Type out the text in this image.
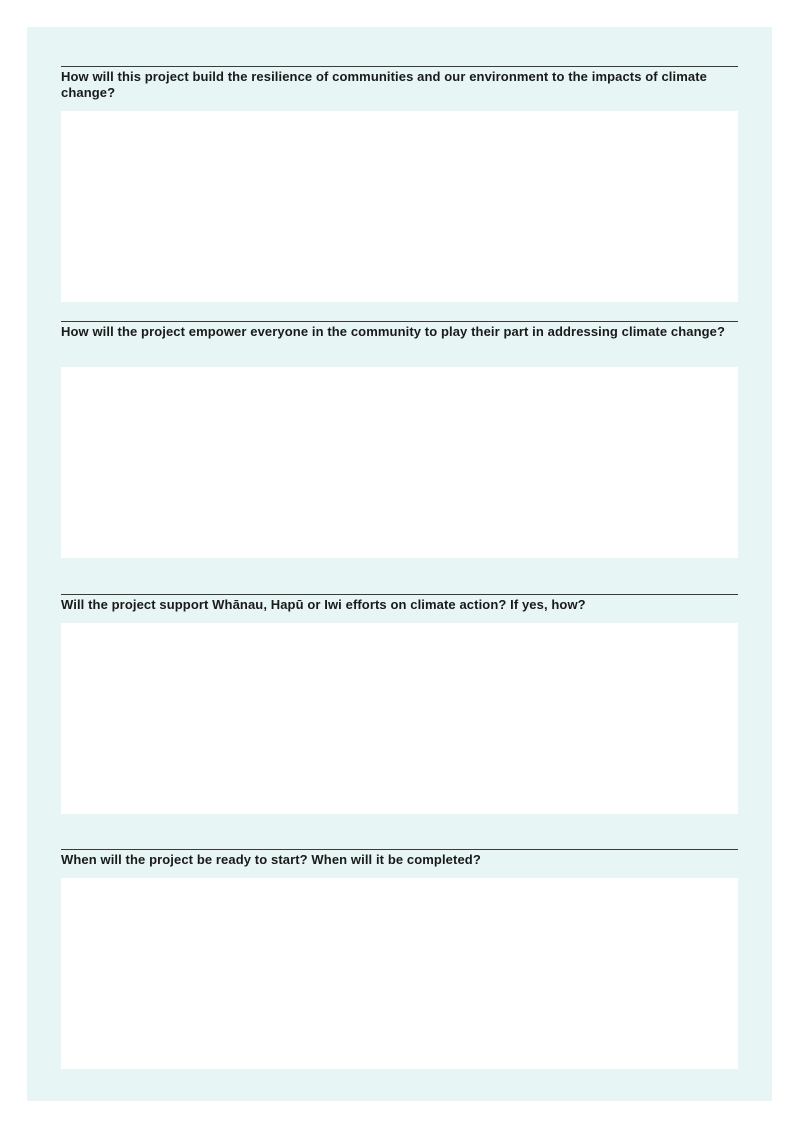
How will this project build the resilience of communities and our environment to the impacts of climate change?
How will the project empower everyone in the community to play their part in addressing climate change?
Will the project support Whānau, Hapū or Iwi efforts on climate action? If yes, how?
When will the project be ready to start? When will it be completed?
